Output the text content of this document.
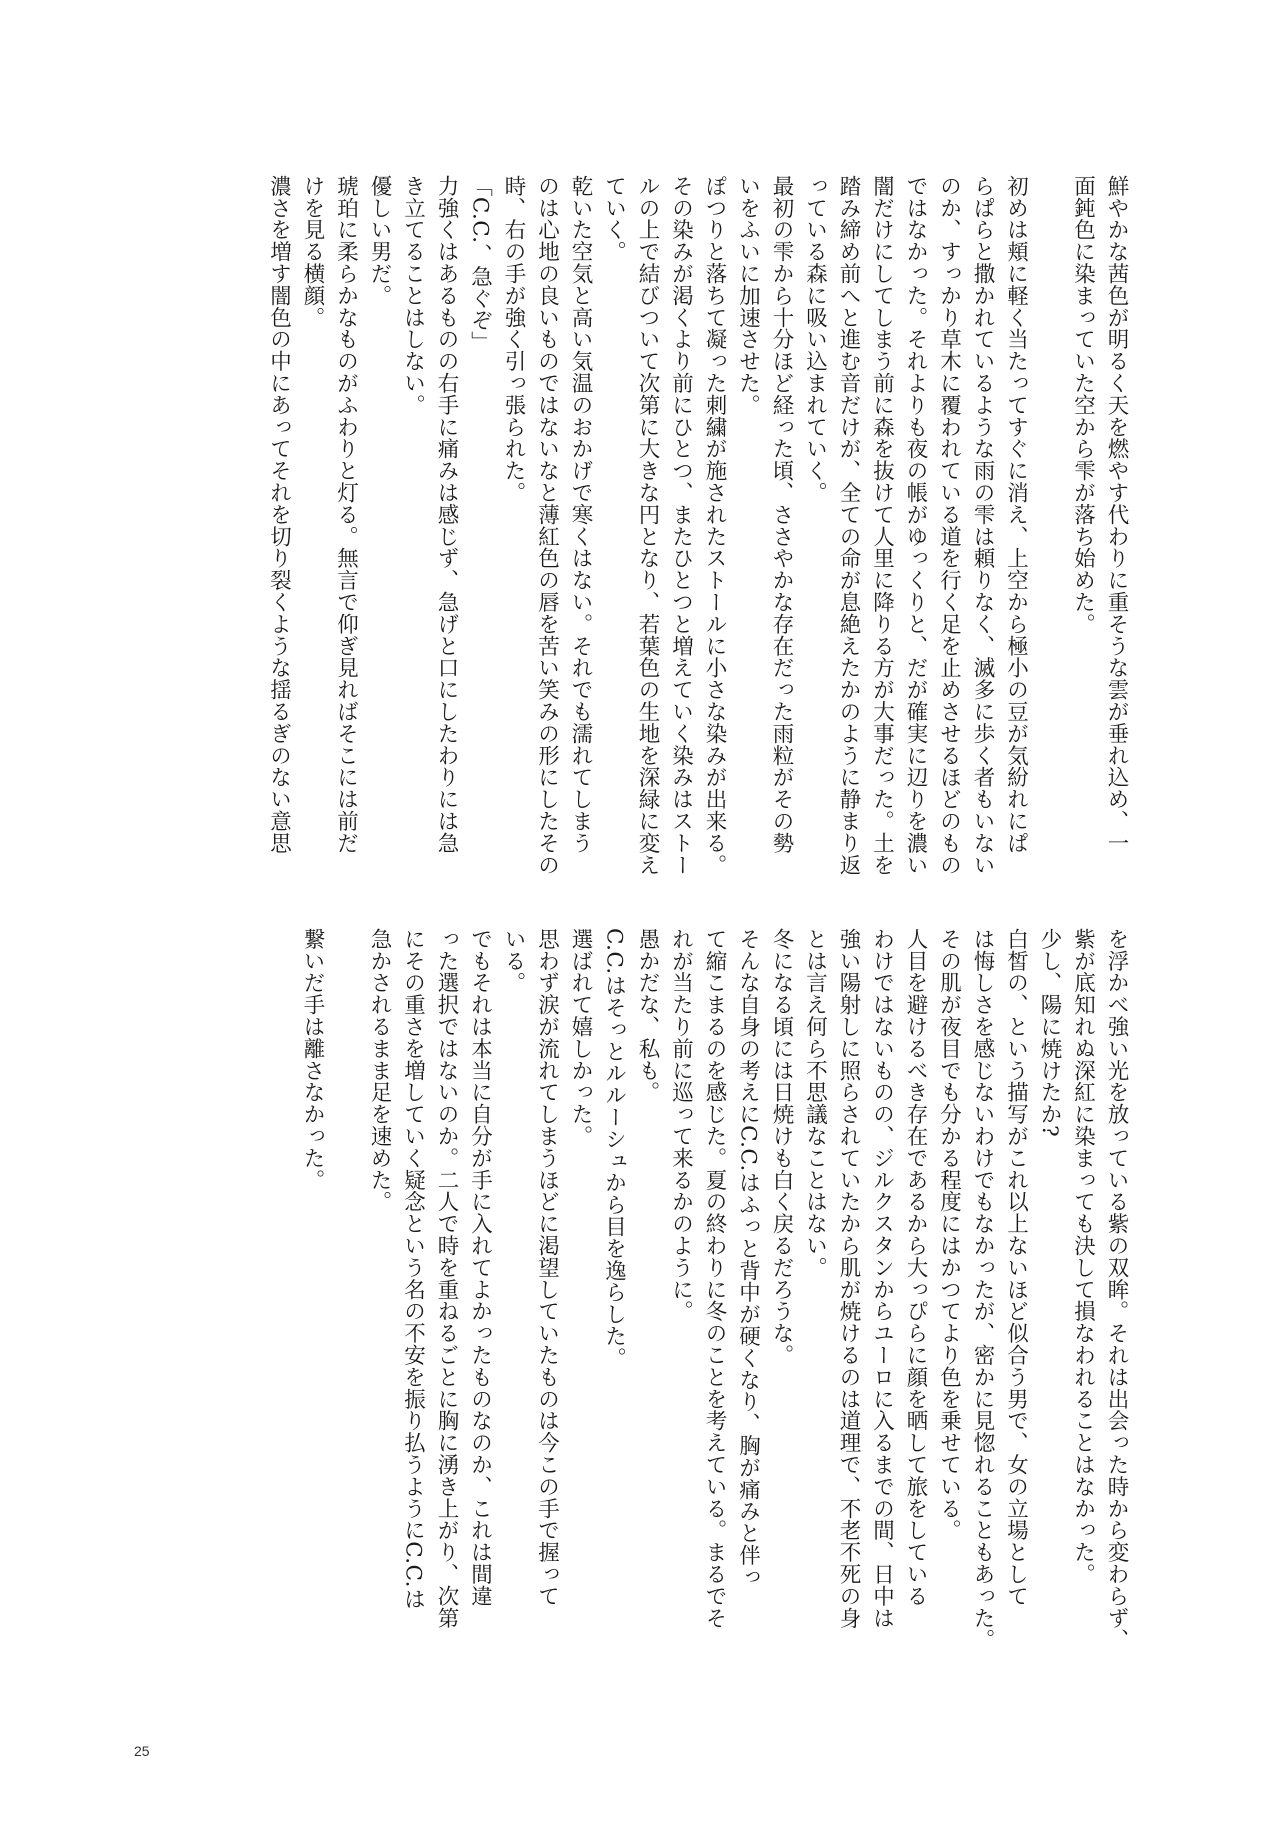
鮮やかな茜色が明るく天を燃やす代わりに重そうな雲が垂れ込め、一
面鈍色に染まっていた空から雫が落ち始めた。
初めは頬に軽く当たってすぐに消え、上空から極小の豆が気紛れにぱ
らぱらと撒かれているような雨の雫は頼りなく、滅多に歩く者もいない
のか、すっかり草木に覆われている道を行く足を止めさせるほどのもの
ではなかった。それよりも夜の帳がゆっくりと、だが確実に辺りを濃い
闇だけにしてしまう前に森を抜けて人里に降りる方が大事だった。土を
踏み締め前へと進む音だけが、全ての命が息絶えたかのように静まり返
っている森に吸い込まれていく。
最初の雫から十分ほど経った頃、ささやかな存在だった雨粒がその勢
いをふいに加速させた。
ぽつりと落ちて凝った刺繍が施されたストールに小さな染みが出来る。
その染みが渇くより前にひとつ、またひとつと増えていく染みはストー
ルの上で結びついて次第に大きな円となり、若葉色の生地を深緑に変え
ていく。
乾いた空気と高い気温のおかげで寒くはない。それでも濡れてしまう
のは心地の良いものではないなと薄紅色の唇を苦い笑みの形にしたその
時、右の手が強く引っ張られた。
「C.C.、急ぐぞ」
力強くはあるものの右手に痛みは感じず、急げと口にしたわりには急
き立てることはしない。
優しい男だ。
琥珀に柔らかなものがふわりと灯る。無言で仰ぎ見ればそこには前だ
けを見る横顔。
濃さを増す闇色の中にあってそれを切り裂くような揺るぎのない意思
を浮かべ強い光を放っている紫の双眸。それは出会った時から変わらず、
紫が底知れぬ深紅に染まっても決して損なわれることはなかった。
少し、陽に焼けたか?
白皙の、という描写がこれ以上ないほど似合う男で、女の立場として
は悔しさを感じないわけでもなかったが、密かに見惚れることもあった。
その肌が夜目でも分かる程度にはかつてより色を乗せている。
人目を避けるべき存在であるから大っぴらに顔を晒して旅をしている
わけではないものの、ジルクスタンからユーロに入るまでの間、日中は
強い陽射しに照らされていたから肌が焼けるのは道理で、不老不死の身
とは言え何ら不思議なことはない。
冬になる頃には日焼けも白く戻るだろうな。
そんな自身の考えにC.C.はふっと背中が硬くなり、胸が痛みと伴っ
て縮こまるのを感じた。夏の終わりに冬のことを考えている。まるでそ
れが当たり前に巡って来るかのように。
愚かだな、私も。
C.C.はそっとルルーシュから目を逸らした。
選ばれて嬉しかった。
思わず涙が流れてしまうほどに渇望していたものは今この手で握って
いる。
でもそれは本当に自分が手に入れてよかったものなのか、これは間違
った選択ではないのか。二人で時を重ねるごとに胸に湧き上がり、次第
にその重さを増していく疑念という名の不安を振り払うようにC.C.は
急かされるまま足を速めた。
繋いだ手は離さなかった。
25
